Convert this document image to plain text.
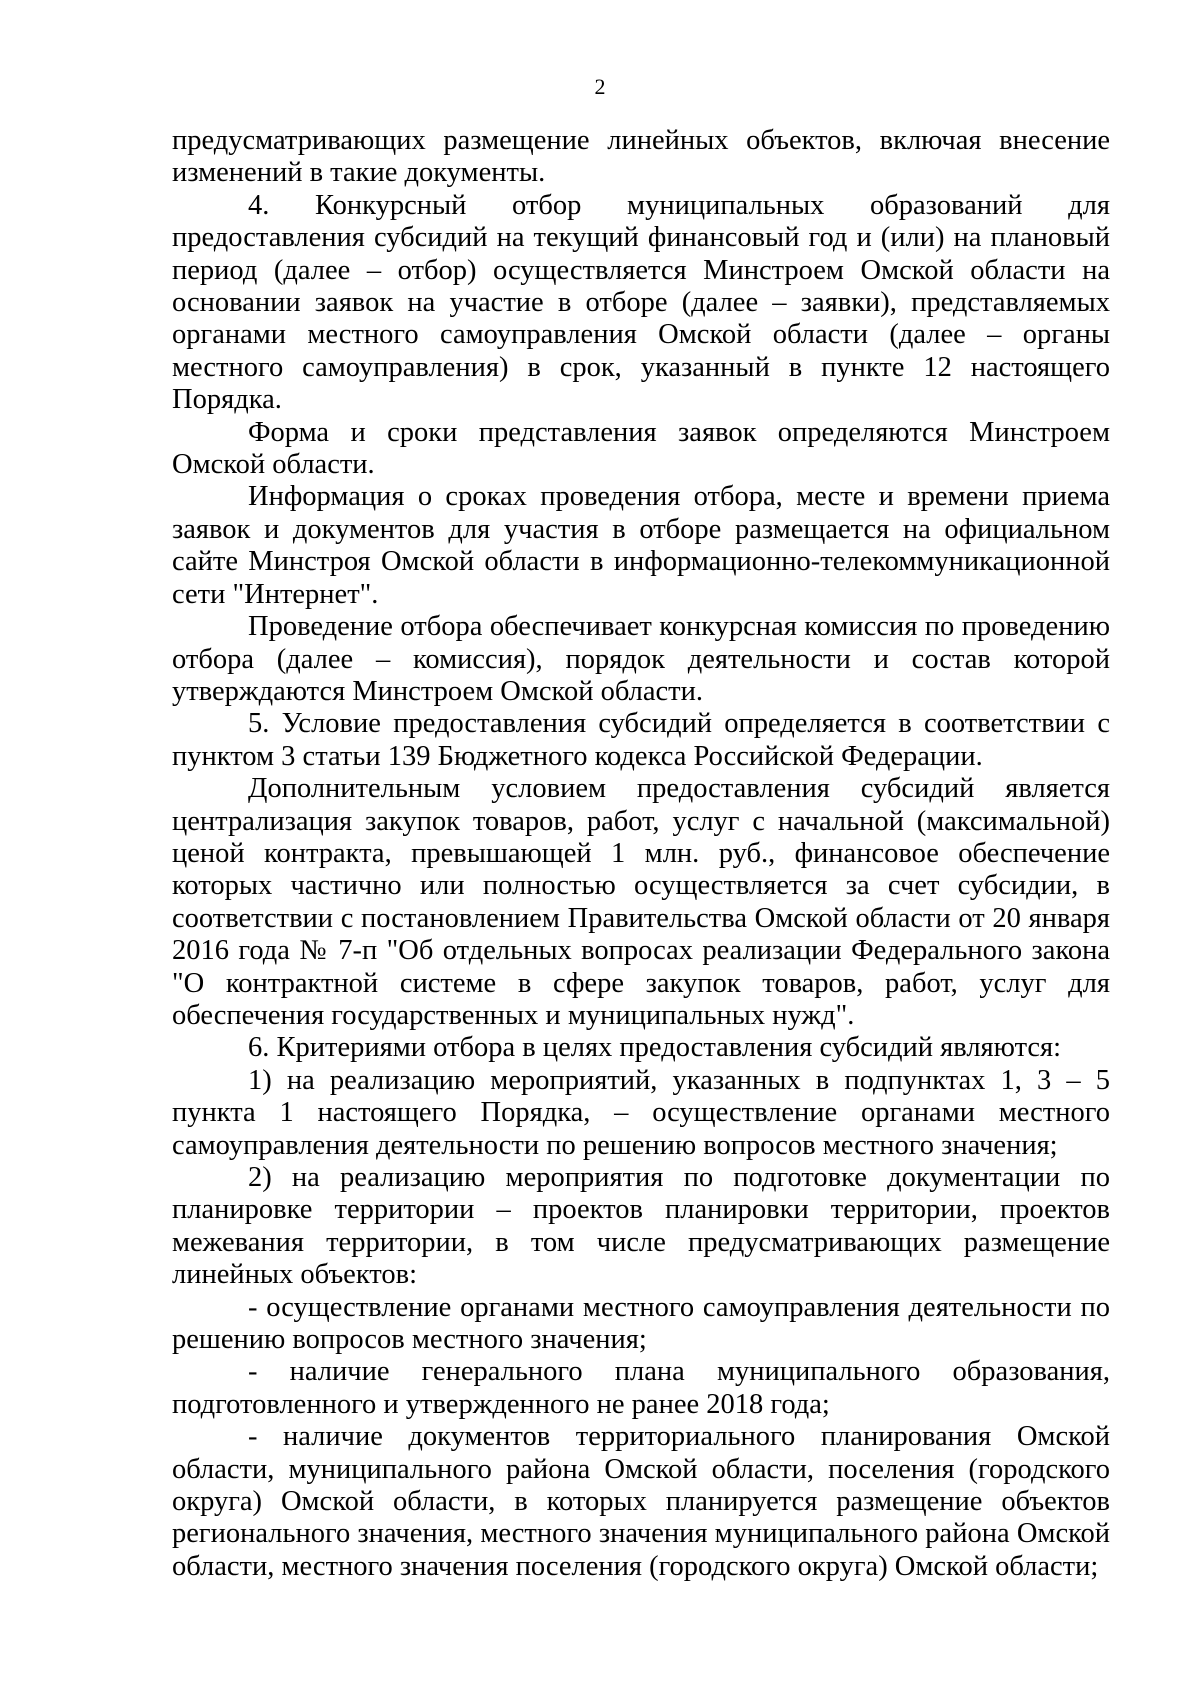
2

предусматривающих размещение линейных объектов, включая внесение изменений в такие документы.

4. Конкурсный отбор муниципальных образований для предоставления субсидий на текущий финансовый год и (или) на плановый период (далее – отбор) осуществляется Минстроем Омской области на основании заявок на участие в отборе (далее – заявки), представляемых органами местного самоуправления Омской области (далее – органы местного самоуправления) в срок, указанный в пункте 12 настоящего Порядка.

Форма и сроки представления заявок определяются Минстроем Омской области.

Информация о сроках проведения отбора, месте и времени приема заявок и документов для участия в отборе размещается на официальном сайте Минстроя Омской области в информационно-телекоммуникационной сети "Интернет".

Проведение отбора обеспечивает конкурсная комиссия по проведению отбора (далее – комиссия), порядок деятельности и состав которой утверждаются Минстроем Омской области.

5. Условие предоставления субсидий определяется в соответствии с пунктом 3 статьи 139 Бюджетного кодекса Российской Федерации.

Дополнительным условием предоставления субсидий является централизация закупок товаров, работ, услуг с начальной (максимальной) ценой контракта, превышающей 1 млн. руб., финансовое обеспечение которых частично или полностью осуществляется за счет субсидии, в соответствии с постановлением Правительства Омской области от 20 января 2016 года № 7-п "Об отдельных вопросах реализации Федерального закона "О контрактной системе в сфере закупок товаров, работ, услуг для обеспечения государственных и муниципальных нужд".

6. Критериями отбора в целях предоставления субсидий являются:

1) на реализацию мероприятий, указанных в подпунктах 1, 3 – 5 пункта 1 настоящего Порядка, – осуществление органами местного самоуправления деятельности по решению вопросов местного значения;

2) на реализацию мероприятия по подготовке документации по планировке территории – проектов планировки территории, проектов межевания территории, в том числе предусматривающих размещение линейных объектов:

- осуществление органами местного самоуправления деятельности по решению вопросов местного значения;

- наличие генерального плана муниципального образования, подготовленного и утвержденного не ранее 2018 года;

- наличие документов территориального планирования Омской области, муниципального района Омской области, поселения (городского округа) Омской области, в которых планируется размещение объектов регионального значения, местного значения муниципального района Омской области, местного значения поселения (городского округа) Омской области;
